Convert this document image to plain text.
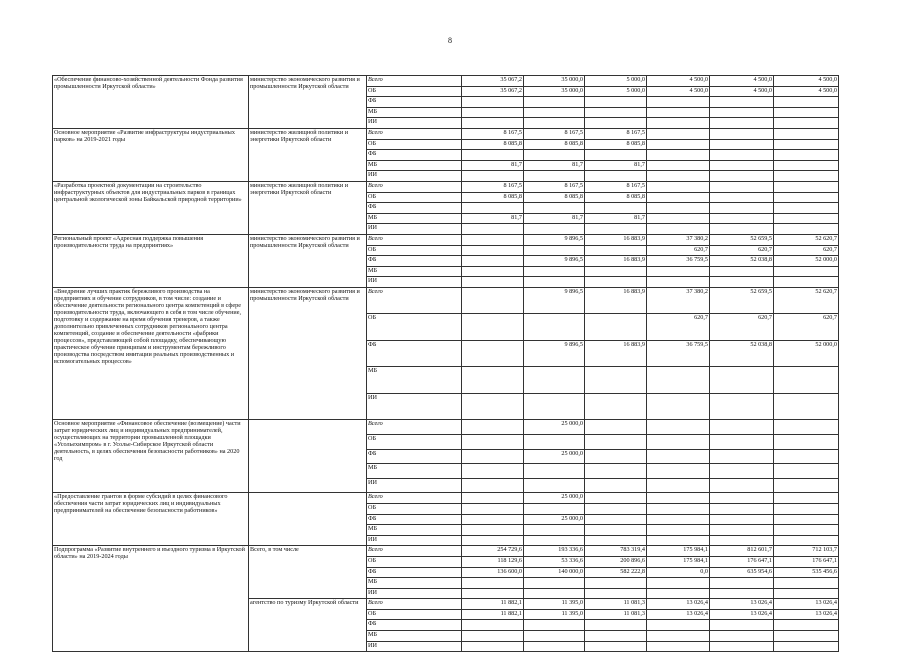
8
«Обеспечение финансово-хозяйственной деятельности Фонда развития промышленности Иркутской области»	министерство экономического развития и промышленности Иркутской области	Всего	35 067,2	35 000,0	5 000,0	4 500,0	4 500,0	4 500,0
		ОБ	35 067,2	35 000,0	5 000,0	4 500,0	4 500,0	4 500,0
		ФБ						
		МБ						
		ИИ						
Основное мероприятие «Развитие инфраструктуры индустриальных парков» на 2019-2021 годы	министерство жилищной политики и энергетики Иркутской области	Всего	8 167,5	8 167,5	8 167,5			
		ОБ	8 085,8	8 085,8	8 085,8			
		ФБ						
		МБ	81,7	81,7	81,7			
		ИИ						
«Разработка проектной документации на строительство инфраструктурных объектов для индустриальных парков в границах центральной экологической зоны Байкальской природной территории»	министерство жилищной политики и энергетики Иркутской области	Всего	8 167,5	8 167,5	8 167,5			
		ОБ	8 085,8	8 085,8	8 085,8			
		ФБ						
		МБ	81,7	81,7	81,7			
		ИИ						
Региональный проект «Адресная поддержка повышения производительности труда на предприятиях»	министерство экономического развития и промышленности Иркутской области	Всего		9 896,5	16 883,9	37 380,2	52 659,5	52 620,7
		ОБ				620,7	620,7	620,7
		ФБ		9 896,5	16 883,9	36 759,5	52 038,8	52 000,0
		МБ						
		ИИ						
«Внедрение лучших практик бережливого производства на предприятиях и обучение сотрудников, в том числе: создание и обеспечение деятельности регионального центра компетенций в сфере производительности труда, включающего в себя в том числе обучение, подготовку и содержание на время обучения тренеров, а также дополнительно привлеченных сотрудников регионального центра компетенций, создание и обеспечение деятельности «фабрики процессов», представляющей собой площадку, обеспечивающую практическое обучение принципам и инструментам бережливого производства посредством имитации реальных производственных и вспомогательных процессов»	министерство экономического развития и промышленности Иркутской области	Всего		9 896,5	16 883,9	37 380,2	52 659,5	52 620,7
		ОБ				620,7	620,7	620,7
		ФБ		9 896,5	16 883,9	36 759,5	52 038,8	52 000,0
		МБ						
		ИИ						
Основное мероприятие «Финансовое обеспечение (возмещение) части затрат юридических лиц и индивидуальных предпринимателей, осуществляющих на территории промышленной площадки «Усольехимпром» в г. Усолье-Сибирское Иркутской области деятельность, в целях обеспечения безопасности работников» на 2020 год		Всего		25 000,0				
		ОБ						
		ФБ		25 000,0				
		МБ						
		ИИ						
«Предоставление грантов в форме субсидий в целях финансового обеспечения части затрат юридических лиц и индивидуальных предпринимателей на обеспечение безопасности работников»		Всего		25 000,0				
		ОБ						
		ФБ		25 000,0				
		МБ						
		ИИ						
Подпрограмма «Развитие внутреннего и въездного туризма в Иркутской области» на 2019-2024 годы	Всего, в том числе	Всего	254 729,6	193 336,6	783 319,4	175 984,1	812 601,7	712 103,7
		ОБ	118 129,6	53 336,6	200 896,6	175 984,1	176 647,1	176 647,1
		ФБ	136 600,0	140 000,0	582 222,8	0,0	635 954,6	535 456,6
		МБ						
		ИИ						
	агентство по туризму Иркутской области	Всего	11 882,1	11 395,0	11 081,3	13 026,4	13 026,4	13 026,4
		ОБ	11 882,1	11 395,0	11 081,3	13 026,4	13 026,4	13 026,4
		ФБ						
		МБ						
		ИИ						
